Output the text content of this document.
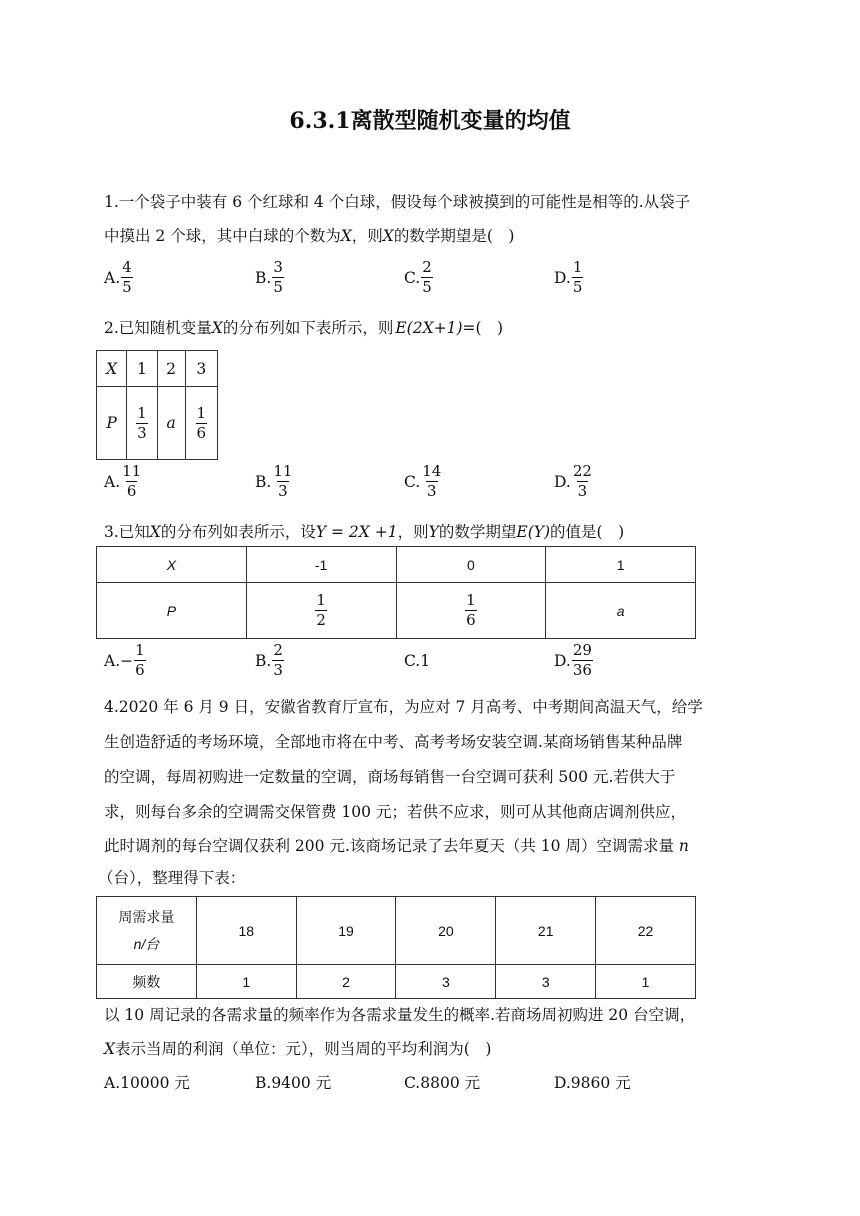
6.3.1离散型随机变量的均值
1.一个袋子中装有 6 个红球和 4 个白球，假设每个球被摸到的可能性是相等的.从袋子
中摸出 2 个球，其中白球的个数为X，则X的数学期望是(　)
A. $\frac{4}{5}$	B. $\frac{3}{5}$	C. $\frac{2}{5}$	D. $\frac{1}{5}$
2.已知随机变量X的分布列如下表所示，则 E(2X+1)=(　)
X	1	2	3
P	$\frac{1}{3}$	a	$\frac{1}{6}$
A. $\frac{11}{6}$	B. $\frac{11}{3}$	C. $\frac{14}{3}$	D. $\frac{22}{3}$
3.已知X的分布列如表所示，设Y = 2X +1，则Y的数学期望E(Y)的值是(　)
X	-1	0	1
P	$\frac{1}{2}$	$\frac{1}{6}$	a
A. − $\frac{1}{6}$	B. $\frac{2}{3}$	C. 1	D. $\frac{29}{36}$
4.2020 年 6 月 9 日，安徽省教育厅宣布，为应对 7 月高考、中考期间高温天气，给学
生创造舒适的考场环境，全部地市将在中考、高考考场安装空调.某商场销售某种品牌
的空调，每周初购进一定数量的空调，商场每销售一台空调可获利 500 元.若供大于
求，则每台多余的空调需交保管费 100 元；若供不应求，则可从其他商店调剂供应，
此时调剂的每台空调仅获利 200 元.该商场记录了去年夏天（共 10 周）空调需求量 n
（台），整理得下表：
周需求量
n/台	18	19	20	21	22
频数	1	2	3	3	1
以 10 周记录的各需求量的频率作为各需求量发生的概率.若商场周初购进 20 台空调，
X表示当周的利润（单位：元），则当周的平均利润为(　)
A.10000 元	B.9400 元	C.8800 元	D.9860 元
